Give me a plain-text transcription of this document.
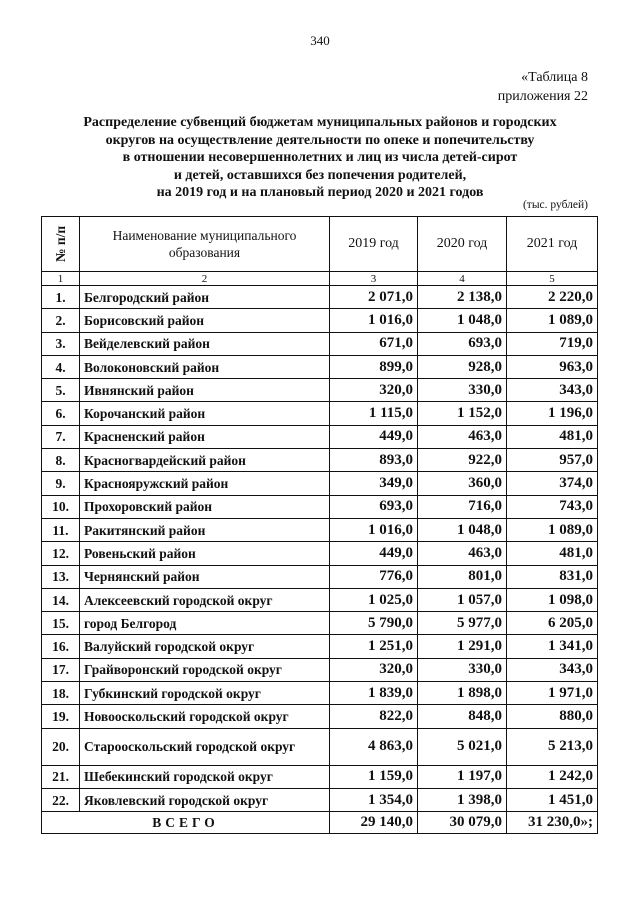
340
«Таблица 8
приложения 22
Распределение субвенций бюджетам муниципальных районов и городских
округов на осуществление деятельности по опеке и попечительству
в отношении несовершеннолетних и лиц из числа детей-сирот
и детей, оставшихся без попечения родителей,
на 2019 год и на плановый период 2020 и 2021 годов
(тыс. рублей)
№ п/п	Наименование муниципального образования	2019 год	2020 год	2021 год
1	2	3	4	5
1.	Белгородский район	2 071,0	2 138,0	2 220,0
2.	Борисовский район	1 016,0	1 048,0	1 089,0
3.	Вейделевский район	671,0	693,0	719,0
4.	Волоконовский район	899,0	928,0	963,0
5.	Ивнянский район	320,0	330,0	343,0
6.	Корочанский район	1 115,0	1 152,0	1 196,0
7.	Красненский район	449,0	463,0	481,0
8.	Красногвардейский район	893,0	922,0	957,0
9.	Краснояружский район	349,0	360,0	374,0
10.	Прохоровский район	693,0	716,0	743,0
11.	Ракитянский район	1 016,0	1 048,0	1 089,0
12.	Ровеньский район	449,0	463,0	481,0
13.	Чернянский район	776,0	801,0	831,0
14.	Алексеевский городской округ	1 025,0	1 057,0	1 098,0
15.	город Белгород	5 790,0	5 977,0	6 205,0
16.	Валуйский городской округ	1 251,0	1 291,0	1 341,0
17.	Грайворонский городской округ	320,0	330,0	343,0
18.	Губкинский городской округ	1 839,0	1 898,0	1 971,0
19.	Новооскольский городской округ	822,0	848,0	880,0
20.	Старооскольский городской округ	4 863,0	5 021,0	5 213,0
21.	Шебекинский городской округ	1 159,0	1 197,0	1 242,0
22.	Яковлевский городской округ	1 354,0	1 398,0	1 451,0
ВСЕГО		29 140,0	30 079,0	31 230,0»;
